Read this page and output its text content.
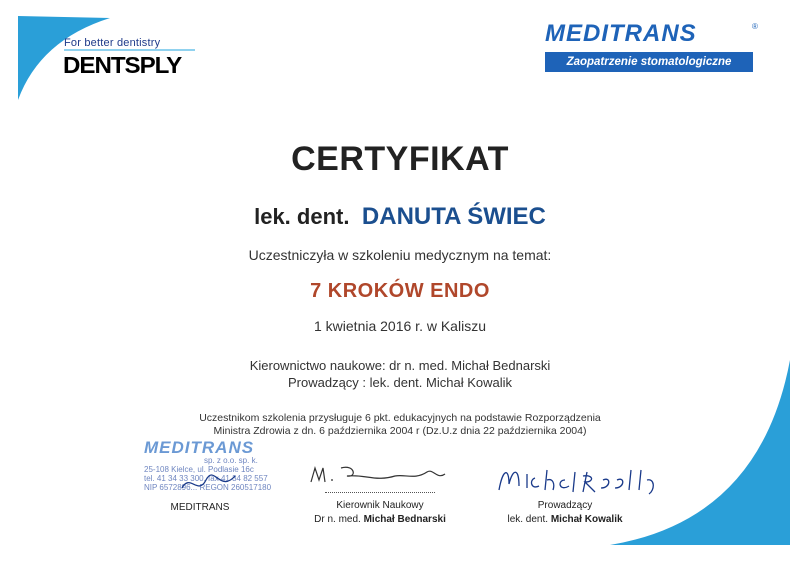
For better dentistry
DENTSPLY
MEDITRANS	®
Zaopatrzenie stomatologiczne
CERTYFIKAT
lek. dent. DANUTA ŚWIEC
Uczestniczyła w szkoleniu medycznym na temat:
7 KROKÓW ENDO
1 kwietnia 2016 r. w Kaliszu
Kierownictwo naukowe: dr n. med. Michał Bednarski
Prowadzący : lek. dent. Michał Kowalik
Uczestnikom szkolenia przysługuje 6 pkt. edukacyjnych na podstawie Rozporządzenia
Ministra Zdrowia z dn. 6 października 2004 r (Dz.U.z dnia 22 października 2004)
MEDITRANS
sp. z o.o. sp. k.
25-108 Kielce, ul. Podlasie 16c
tel. 41 34 33 300, fax 41 34 82 557
NIP 6572896... REGON 260517180
MEDITRANS	Kierownik Naukowy
Dr n. med. Michał Bednarski
Prowadzący
lek. dent. Michał Kowalik
